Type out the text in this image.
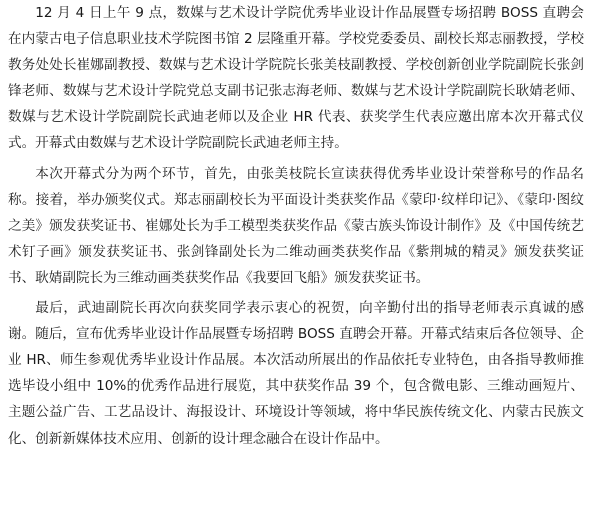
12 月 4 日上午 9 点，数媒与艺术设计学院优秀毕业设计作品展暨专场招聘 BOSS 直聘会在内蒙古电子信息职业技术学院图书馆 2 层隆重开幕。学校党委委员、副校长郑志丽教授，学校教务处处长崔娜副教授、数媒与艺术设计学院院长张美枝副教授、学校创新创业学院副院长张剑锋老师、数媒与艺术设计学院党总支副书记张志海老师、数媒与艺术设计学院副院长耿婧老师、数媒与艺术设计学院副院长武迪老师以及企业 HR 代表、获奖学生代表应邀出席本次开幕式仪式。开幕式由数媒与艺术设计学院副院长武迪老师主持。

本次开幕式分为两个环节，首先，由张美枝院长宣读获得优秀毕业设计荣誉称号的作品名称。接着，举办颁奖仪式。郑志丽副校长为平面设计类获奖作品《蒙印·纹样印记》、《蒙印·图纹之美》颁发获奖证书、崔娜处长为手工模型类获奖作品《蒙古族头饰设计制作》及《中国传统艺术钉子画》颁发获奖证书、张剑锋副处长为二维动画类获奖作品《紫荆城的精灵》颁发获奖证书、耿婧副院长为三维动画类获奖作品《我要回飞船》颁发获奖证书。

最后，武迪副院长再次向获奖同学表示衷心的祝贺，向辛勤付出的指导老师表示真诚的感谢。随后，宣布优秀毕业设计作品展暨专场招聘 BOSS 直聘会开幕。开幕式结束后各位领导、企业 HR、师生参观优秀毕业设计作品展。本次活动所展出的作品依托专业特色，由各指导教师推选毕设小组中 10%的优秀作品进行展览，其中获奖作品 39 个，包含微电影、三维动画短片、主题公益广告、工艺品设计、海报设计、环境设计等领域，将中华民族传统文化、内蒙古民族文化、创新新媒体技术应用、创新的设计理念融合在设计作品中。
